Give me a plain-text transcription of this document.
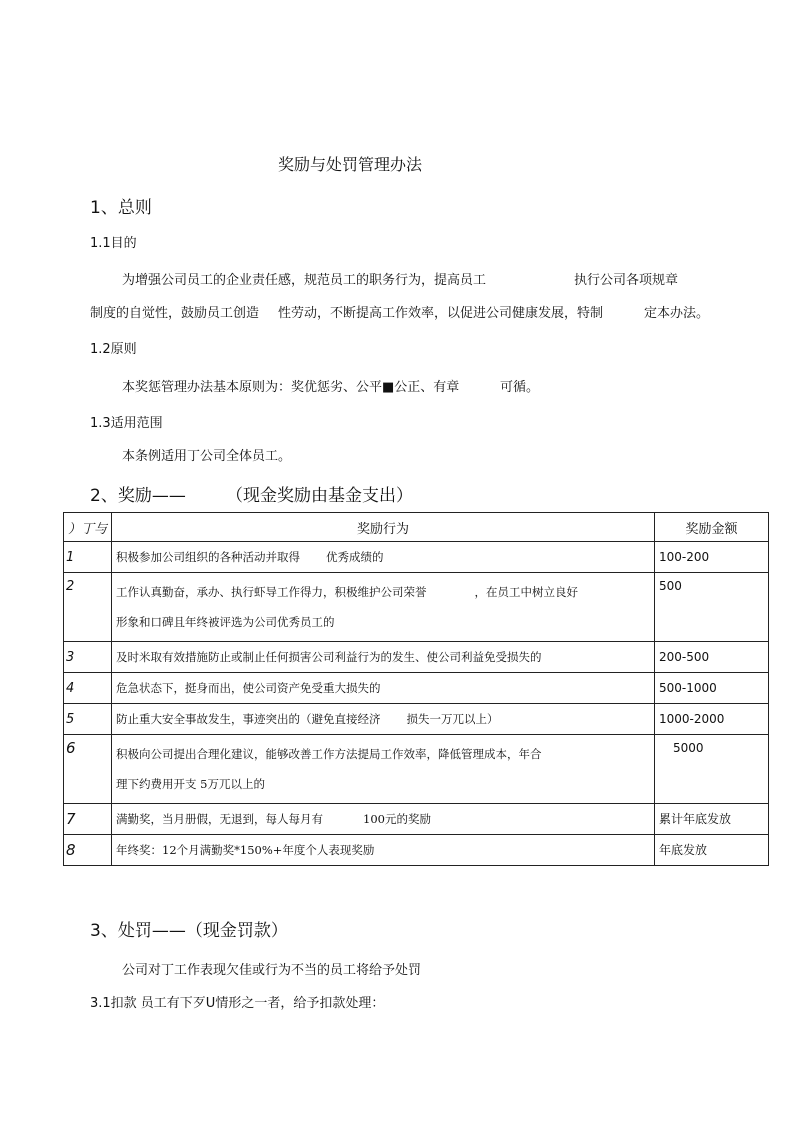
奖励与处罚管理办法
1、总则
1.1目的
为增强公司员工的企业责任感，规范员工的职务行为，提高员工	执行公司各项规章
制度的自觉性，鼓励员工创造 性劳动，不断提高工作效率，以促进公司健康发展，特制	定本办法。
1.2原则
本奖惩管理办法基本原则为：奖优惩劣、公平■公正、有章	可循。
1.3适用范围
本条例适用丁公司全体员工。
2、奖励—— （现金奖励由基金支出）
）丁与	奖励行为	奖励金额
1	积极参加公司组织的各种活动并取得 优秀成绩的	100-200
2	工作认真勤奋，承办、执行虾导工作得力，积极维护公司荣誉 ，在员工中树立良好
形象和口碑且年终被评选为公司优秀员工的	500
3	及时米取有效措施防止或制止任何损害公司利益行为的发生、使公司利益免受损失的	200-500
4	危急状态下，挺身而出，使公司资产免受重大损失的	500-1000
5	防止重大安全事故发生，事迹突出的（避免直接经济 损失一万兀以上）	1000-2000
6	积极向公司提出合理化建议，能够改善工作方法提局工作效率，降低管理成本，年合
理下约费用开支 5万兀以上的	5000
7	满勤奖，当月册假，无退到，每人每月有 100元的奖励	累计年底发放
8	年终奖：12个月满勤奖*150%+年度个人表现奖励	年底发放
3、处罚——（现金罚款）
公司对丁工作表现欠佳或行为不当的员工将给予处罚
3.1扣款 员工有下歹U情形之一者，给予扣款处理：
